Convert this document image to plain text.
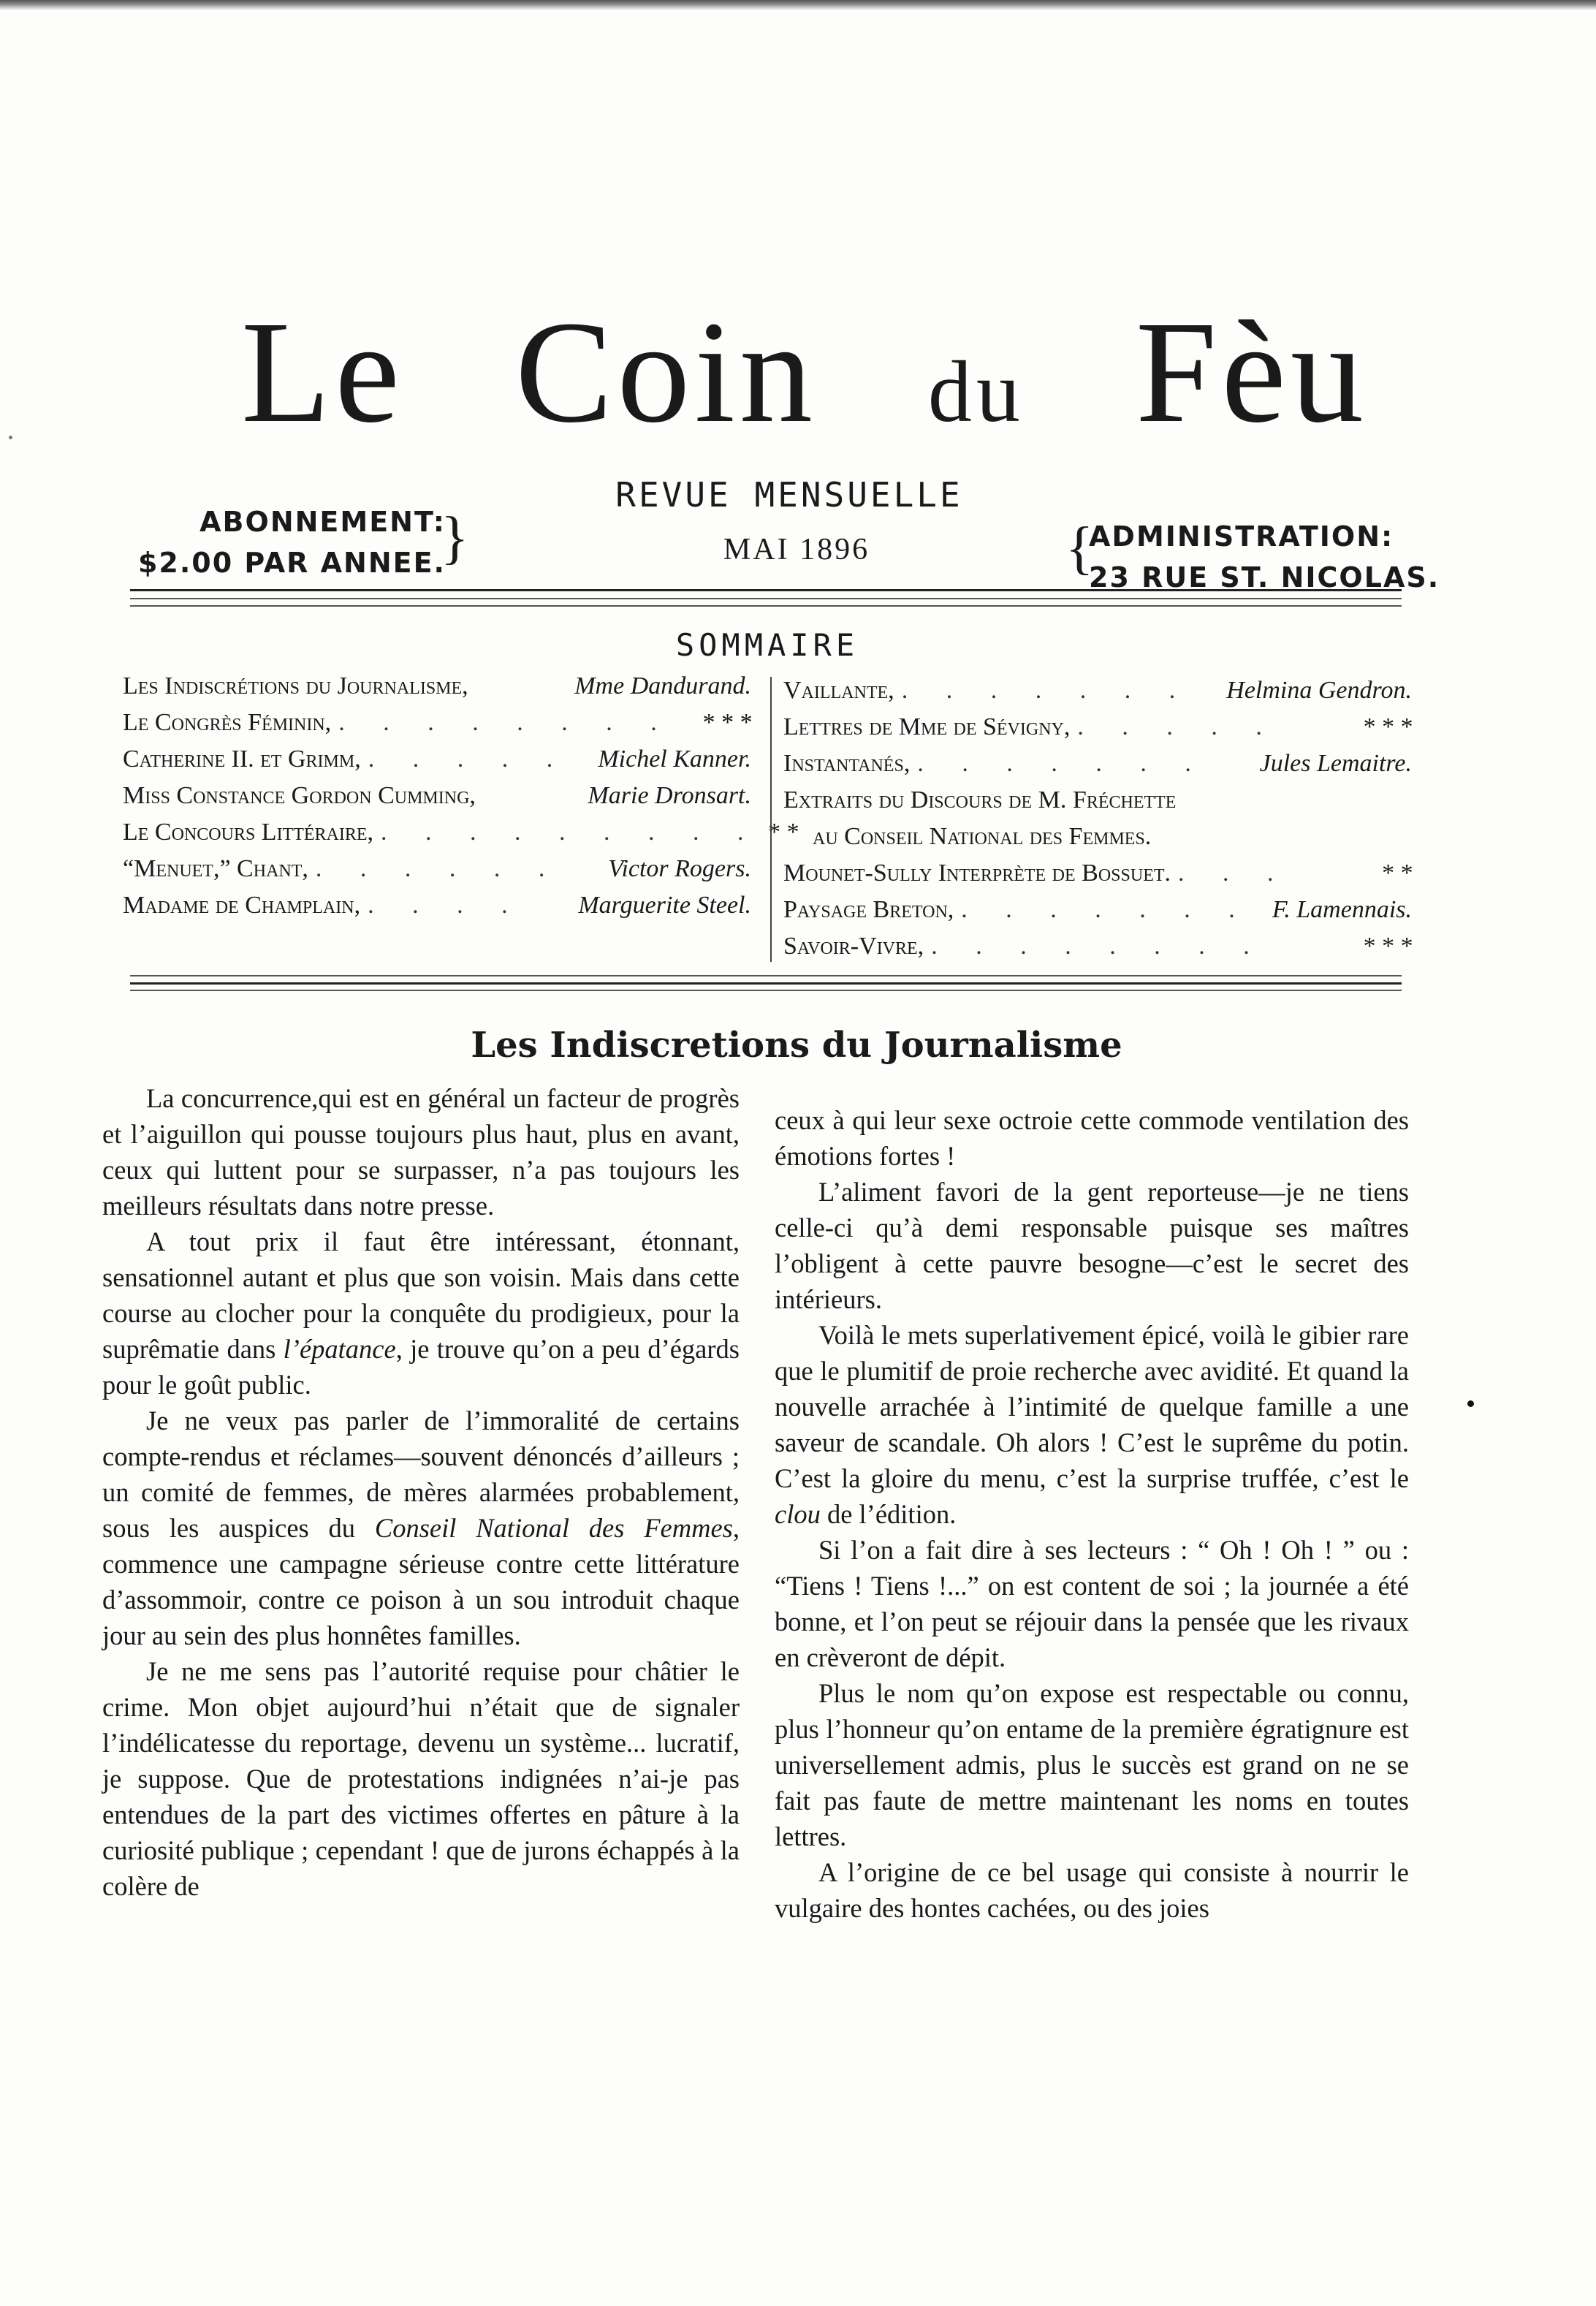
Le Coin du Fèu
REVUE MENSUELLE
MAI 1896
ABONNEMENT:
$2.00 PAR ANNEE.
}	{
ADMINISTRATION:
23 RUE ST. NICOLAS.
SOMMAIRE
Les Indiscrétions du Journalisme,	Mme Dandurand.
Le Congrès Féminin, . . . . . . . .	* * *
Catherine II. et Grimm, . . . . .	Michel Kanner.
Miss Constance Gordon Cumming,	Marie Dronsart.
Le Concours Littéraire, . . . . . . . . . * *
“Menuet,” Chant, . . . . . .	Victor Rogers.
Madame de Champlain, . . . .	Marguerite Steel.
Vaillante, . . . . . . .	Helmina Gendron.
Lettres de Mme de Sévigny, . . . . .	* * *
Instantanés, . . . . . . .	Jules Lemaitre.
Extraits du Discours de M. Fréchette
au Conseil National des Femmes.
Mounet-Sully Interprète de Bossuet. . . .	* *
Paysage Breton, . . . . . . . F. Lamennais.
Savoir-Vivre, . . . . . . . .	* * *
Les Indiscretions du Journalisme

La concurrence,qui est en général un facteur de progrès et l’aiguillon qui pousse toujours plus haut, plus en avant, ceux qui luttent pour se surpasser, n’a pas toujours les meilleurs résultats dans notre presse.

A tout prix il faut être intéressant, étonnant, sensationnel autant et plus que son voisin. Mais dans cette course au clocher pour la conquête du prodigieux, pour la suprêmatie dans l’épatance, je trouve qu’on a peu d’égards pour le goût public.

Je ne veux pas parler de l’immoralité de certains compte-rendus et réclames—souvent dénoncés d’ailleurs ; un comité de femmes, de mères alarmées probablement, sous les auspices du Conseil National des Femmes, commence une campagne sérieuse contre cette littérature d’assommoir, contre ce poison à un sou introduit chaque jour au sein des plus honnêtes familles.

Je ne me sens pas l’autorité requise pour châtier le crime. Mon objet aujourd’hui n’était que de signaler l’indélicatesse du reportage, devenu un système... lucratif, je suppose. Que de protestations indignées n’ai-je pas entendues de la part des victimes offertes en pâture à la curiosité publique ; cependant ! que de jurons échappés à la colère de

ceux à qui leur sexe octroie cette commode ventilation des émotions fortes !

L’aliment favori de la gent reporteuse—je ne tiens celle-ci qu’à demi responsable puisque ses maîtres l’obligent à cette pauvre besogne—c’est le secret des intérieurs.

Voilà le mets superlativement épicé, voilà le gibier rare que le plumitif de proie recherche avec avidité. Et quand la nouvelle arrachée à l’intimité de quelque famille a une saveur de scandale. Oh alors ! C’est le suprême du potin. C’est la gloire du menu, c’est la surprise truffée, c’est le clou de l’édition.

Si l’on a fait dire à ses lecteurs : “ Oh ! Oh ! ” ou : “Tiens ! Tiens !...” on est content de soi ; la journée a été bonne, et l’on peut se réjouir dans la pensée que les rivaux en crèveront de dépit.

Plus le nom qu’on expose est respectable ou connu, plus l’honneur qu’on entame de la première égratignure est universellement admis, plus le succès est grand on ne se fait pas faute de mettre maintenant les noms en toutes lettres.

A l’origine de ce bel usage qui consiste à nourrir le vulgaire des hontes cachées, ou des joies
